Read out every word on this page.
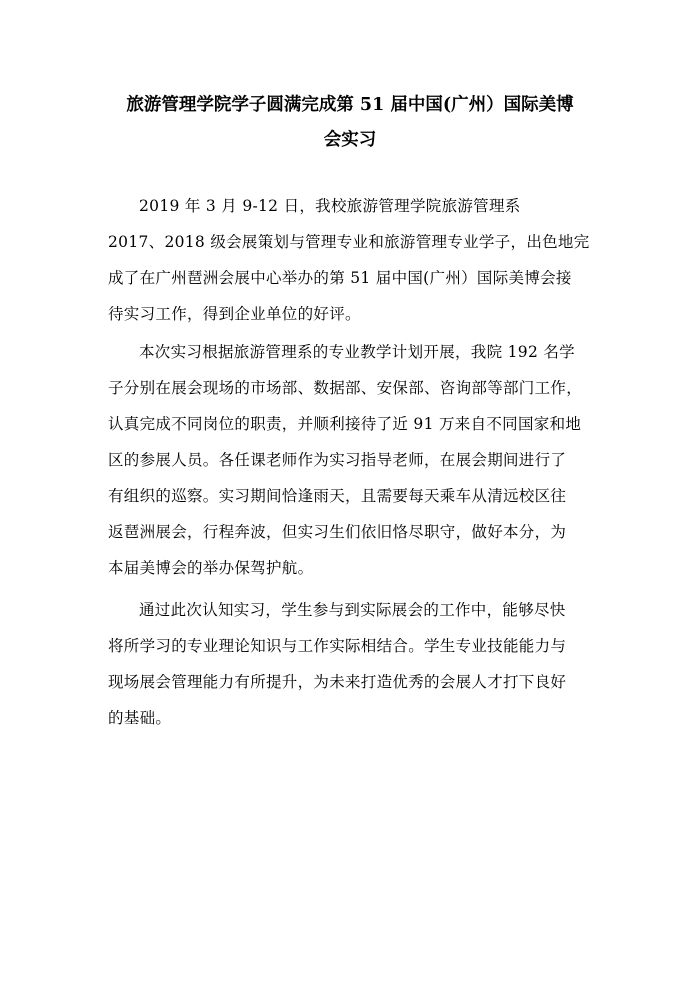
旅游管理学院学子圆满完成第 51 届中国(广州）国际美博
会实习

2019 年 3 月 9-12 日，我校旅游管理学院旅游管理系

2017、2018 级会展策划与管理专业和旅游管理专业学子，出色地完

成了在广州琶洲会展中心举办的第 51 届中国(广州）国际美博会接

待实习工作，得到企业单位的好评。

本次实习根据旅游管理系的专业教学计划开展，我院 192 名学

子分别在展会现场的市场部、数据部、安保部、咨询部等部门工作，

认真完成不同岗位的职责，并顺利接待了近 91 万来自不同国家和地

区的参展人员。各任课老师作为实习指导老师，在展会期间进行了

有组织的巡察。实习期间恰逢雨天，且需要每天乘车从清远校区往

返琶洲展会，行程奔波，但实习生们依旧恪尽职守，做好本分，为

本届美博会的举办保驾护航。

通过此次认知实习，学生参与到实际展会的工作中，能够尽快

将所学习的专业理论知识与工作实际相结合。学生专业技能能力与

现场展会管理能力有所提升，为未来打造优秀的会展人才打下良好

的基础。
